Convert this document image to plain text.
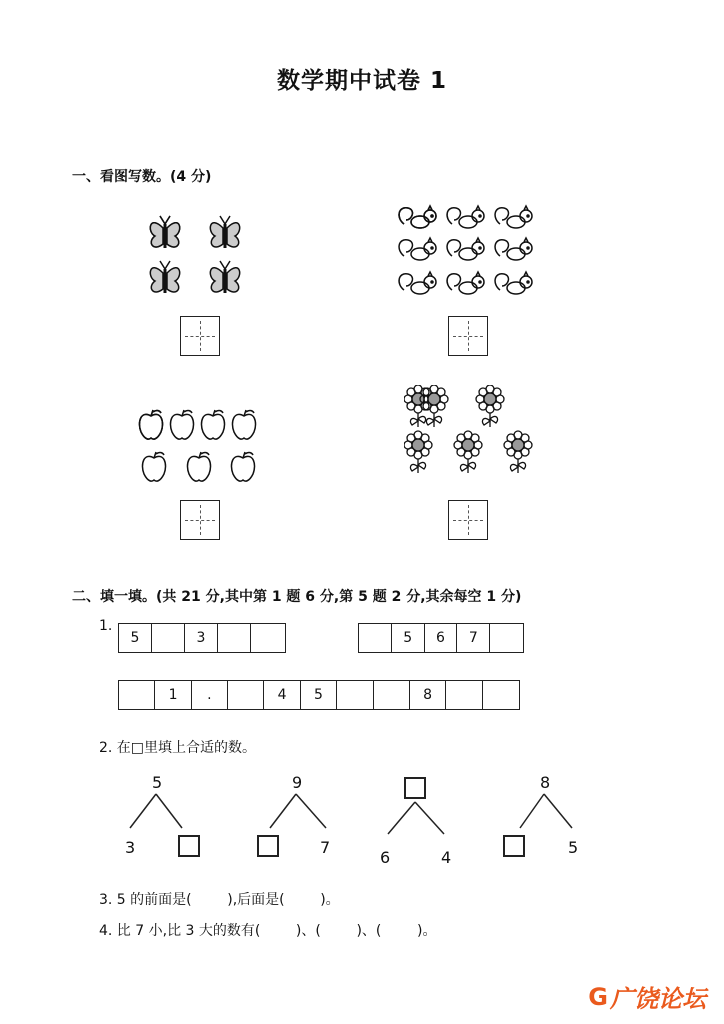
数学期中试卷 1
一、看图写数。(4 分)
二、填一填。(共 21 分,其中第 1 题 6 分,第 5 题 2 分,其余每空 1 分)
1.
5	3	5	6	7
1	.	4	5	8
2. 在□里填上合适的数。
5
3
9
7
6	4
8
5
3. 5 的前面是(        ),后面是(        )。
4. 比 7 小,比 3 大的数有(        )、(        )、(        )。
G 广饶论坛
